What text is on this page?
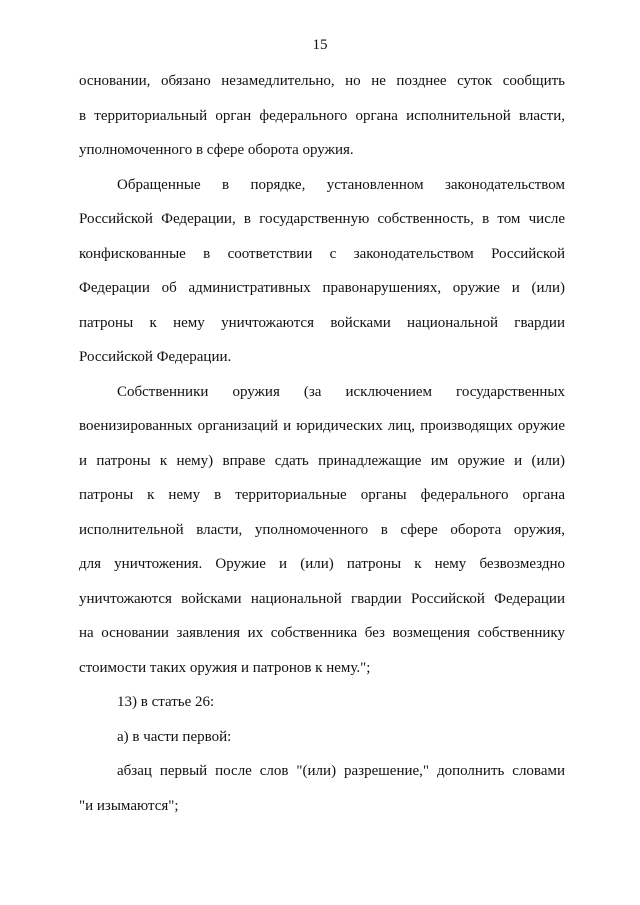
15
основании, обязано незамедлительно, но не позднее суток сообщить
в территориальный орган федерального органа исполнительной власти,
уполномоченного в сфере оборота оружия.
Обращенные в порядке, установленном законодательством
Российской Федерации, в государственную собственность, в том числе
конфискованные в соответствии с законодательством Российской
Федерации об административных правонарушениях, оружие и (или)
патроны к нему уничтожаются войсками национальной гвардии
Российской Федерации.
Собственники оружия (за исключением государственных
военизированных организаций и юридических лиц, производящих оружие
и патроны к нему) вправе сдать принадлежащие им оружие и (или)
патроны к нему в территориальные органы федерального органа
исполнительной власти, уполномоченного в сфере оборота оружия,
для уничтожения. Оружие и (или) патроны к нему безвозмездно
уничтожаются войсками национальной гвардии Российской Федерации
на основании заявления их собственника без возмещения собственнику
стоимости таких оружия и патронов к нему.";
13) в статье 26:
а) в части первой:
абзац первый после слов "(или) разрешение," дополнить словами
"и изымаются";
